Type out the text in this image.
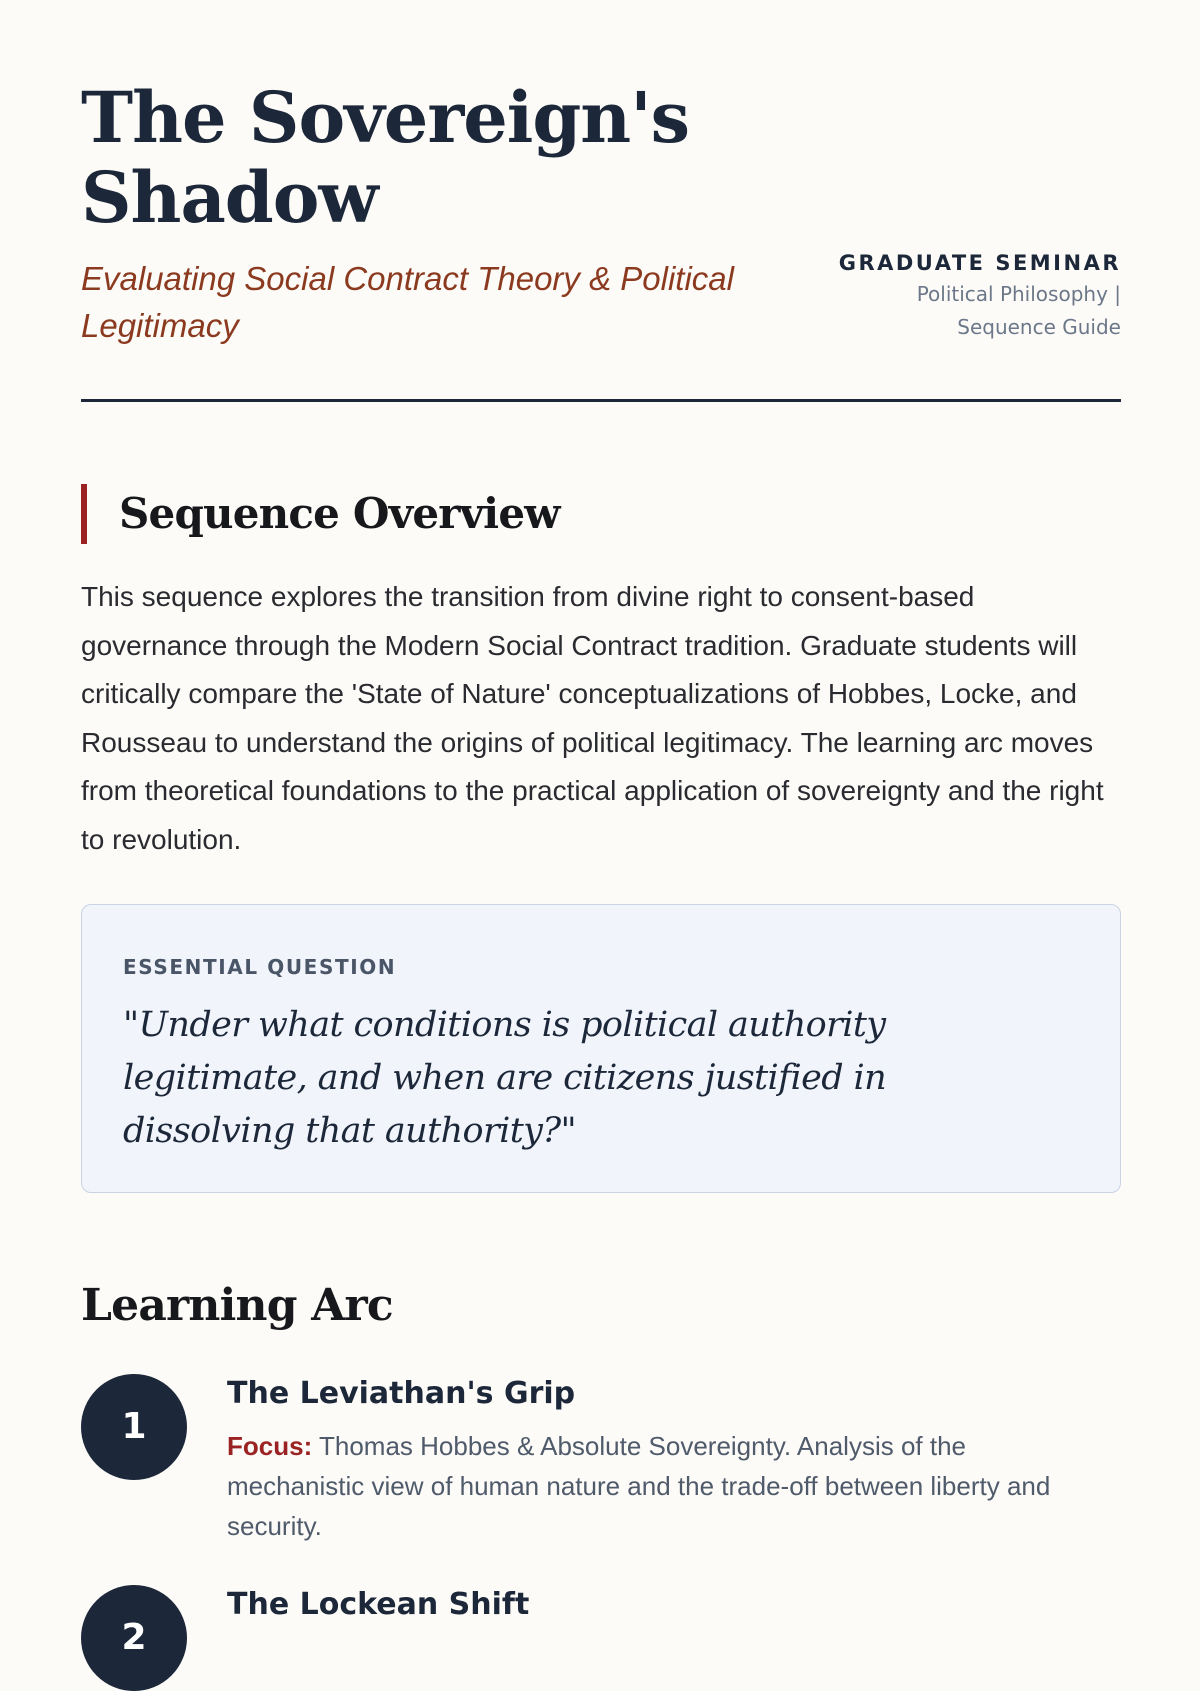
The Sovereign's Shadow
Evaluating Social Contract Theory & Political Legitimacy
GRADUATE SEMINAR
Political Philosophy | Sequence Guide
Sequence Overview

This sequence explores the transition from divine right to consent-based governance through the Modern Social Contract tradition. Graduate students will critically compare the 'State of Nature' conceptualizations of Hobbes, Locke, and Rousseau to understand the origins of political legitimacy. The learning arc moves from theoretical foundations to the practical application of sovereignty and the right to revolution.

ESSENTIAL QUESTION
"Under what conditions is political authority legitimate, and when are citizens justified in dissolving that authority?"
Learning Arc
1
The Leviathan's Grip
Focus: Thomas Hobbes & Absolute Sovereignty. Analysis of the mechanistic view of human nature and the trade-off between liberty and security.
2
The Lockean Shift
